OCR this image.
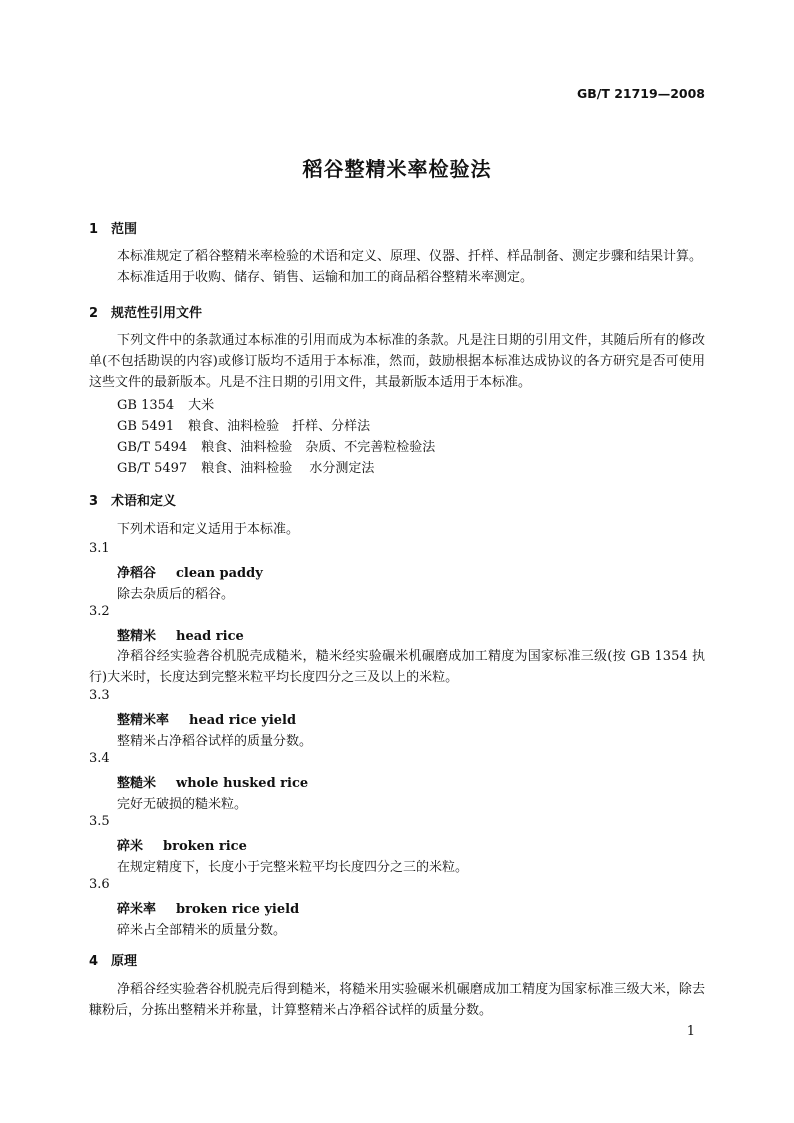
GB/T 21719—2008
稻谷整精米率检验法
1 范围
本标准规定了稻谷整精米率检验的术语和定义、原理、仪器、扦样、样品制备、测定步骤和结果计算。
本标准适用于收购、储存、销售、运输和加工的商品稻谷整精米率测定。
2 规范性引用文件
下列文件中的条款通过本标准的引用而成为本标准的条款。凡是注日期的引用文件，其随后所有的修改单(不包括勘误的内容)或修订版均不适用于本标准，然而，鼓励根据本标准达成协议的各方研究是否可使用这些文件的最新版本。凡是不注日期的引用文件，其最新版本适用于本标准。
GB 1354 大米
GB 5491 粮食、油料检验　扦样、分样法
GB/T 5494 粮食、油料检验　杂质、不完善粒检验法
GB/T 5497 粮食、油料检验　 水分测定法
3 术语和定义
下列术语和定义适用于本标准。
3.1
净稻谷 clean paddy
除去杂质后的稻谷。
3.2
整精米 head rice
净稻谷经实验砻谷机脱壳成糙米，糙米经实验碾米机碾磨成加工精度为国家标准三级(按 GB 1354 执行)大米时，长度达到完整米粒平均长度四分之三及以上的米粒。
3.3
整精米率 head rice yield
整精米占净稻谷试样的质量分数。
3.4
整糙米 whole husked rice
完好无破损的糙米粒。
3.5
碎米 broken rice
在规定精度下，长度小于完整米粒平均长度四分之三的米粒。
3.6
碎米率 broken rice yield
碎米占全部精米的质量分数。
4 原理
净稻谷经实验砻谷机脱壳后得到糙米，将糙米用实验碾米机碾磨成加工精度为国家标准三级大米，除去糠粉后，分拣出整精米并称量，计算整精米占净稻谷试样的质量分数。
1
